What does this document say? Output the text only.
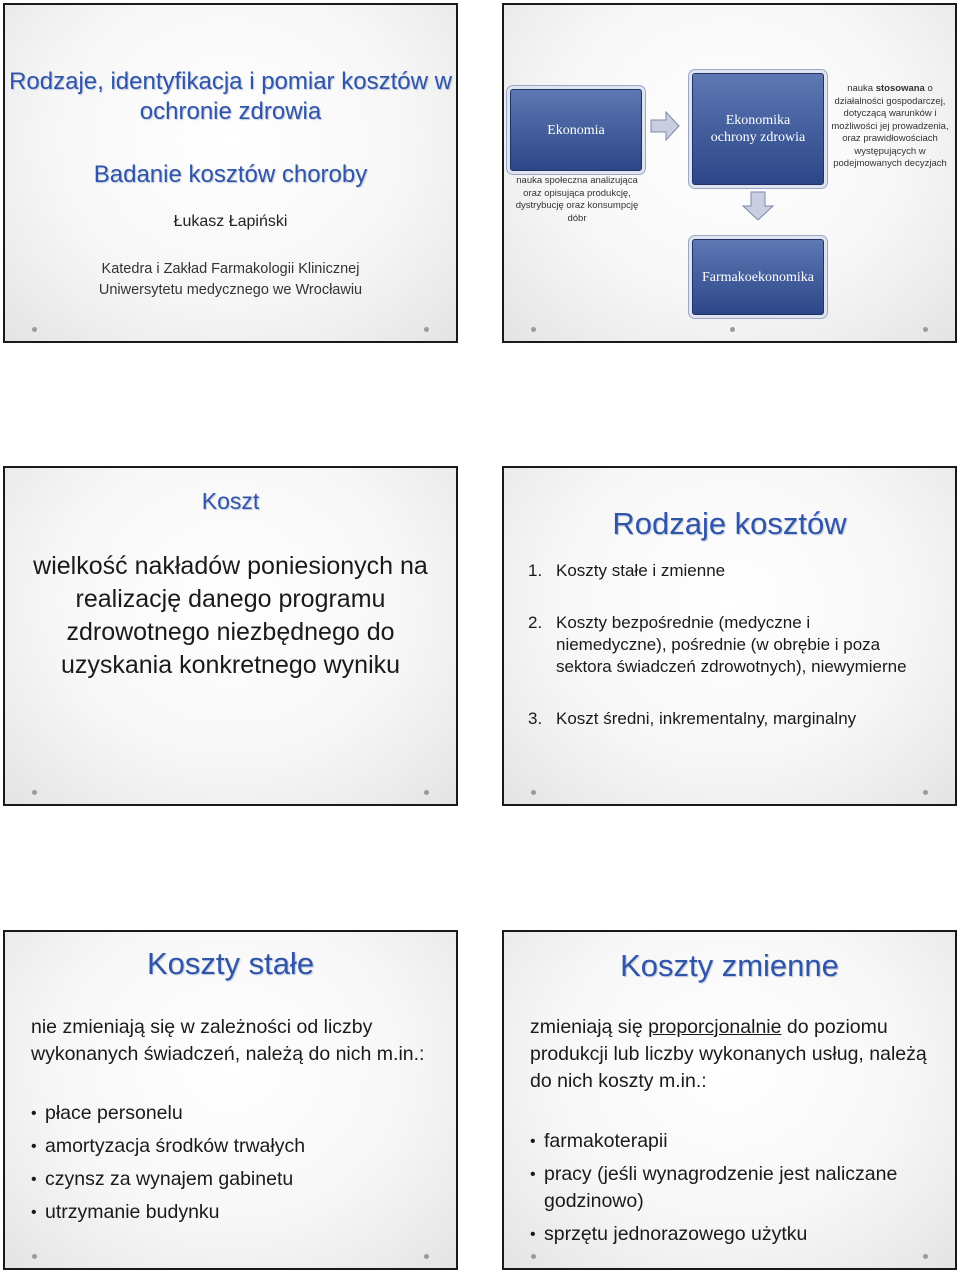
Rodzaje, identyfikacja i pomiar kosztów w ochronie zdrowia
Badanie kosztów choroby
Łukasz Łapiński
Katedra i Zakład Farmakologii Klinicznej
Uniwersytetu medycznego we Wrocławiu
Ekonomia
nauka społeczna analizująca oraz opisująca produkcję, dystrybucję oraz konsumpcję dóbr
Ekonomika
ochrony zdrowia
nauka stosowana o działalności gospodarczej, dotyczącą warunków i możliwości jej prowadzenia, oraz prawidłowościach występujących w podejmowanych decyzjach
Farmakoekonomika
Koszt
wielkość nakładów poniesionych na realizację danego programu zdrowotnego niezbędnego do uzyskania konkretnego wyniku
Rodzaje kosztów
1. Koszty stałe i zmienne
2. Koszty bezpośrednie (medyczne i niemedyczne), pośrednie (w obrębie i poza sektora świadczeń zdrowotnych), niewymierne
3. Koszt średni, inkrementalny, marginalny
Koszty stałe
nie zmieniają się w zależności od liczby wykonanych świadczeń, należą do nich m.in.:
• płace personelu
• amortyzacja środków trwałych
• czynsz za wynajem gabinetu
• utrzymanie budynku
Koszty zmienne
zmieniają się proporcjonalnie do poziomu produkcji lub liczby wykonanych usług, należą do nich koszty m.in.:
• farmakoterapii
• pracy (jeśli wynagrodzenie jest naliczane godzinowo)
• sprzętu jednorazowego użytku
